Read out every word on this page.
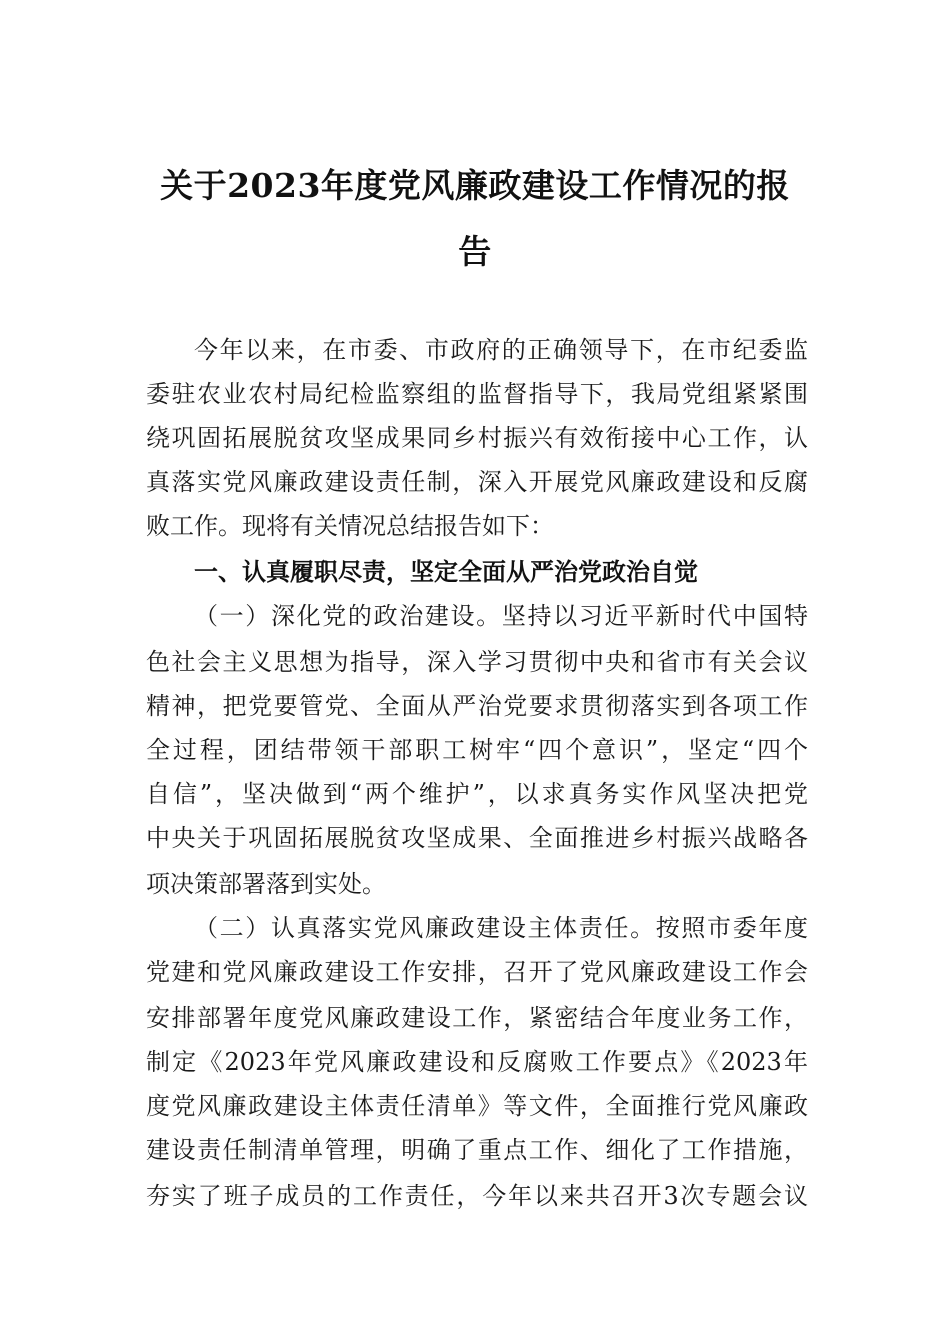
关于2023年度党风廉政建设工作情况的报
告
今年以来，在市委、市政府的正确领导下，在市纪委监
委驻农业农村局纪检监察组的监督指导下，我局党组紧紧围
绕巩固拓展脱贫攻坚成果同乡村振兴有效衔接中心工作，认
真落实党风廉政建设责任制，深入开展党风廉政建设和反腐
败工作。现将有关情况总结报告如下：
一、认真履职尽责，坚定全面从严治党政治自觉
（一）深化党的政治建设。坚持以习近平新时代中国特
色社会主义思想为指导，深入学习贯彻中央和省市有关会议
精神，把党要管党、全面从严治党要求贯彻落实到各项工作
全过程，团结带领干部职工树牢“四个意识”，坚定“四个
自信”，坚决做到“两个维护”，以求真务实作风坚决把党
中央关于巩固拓展脱贫攻坚成果、全面推进乡村振兴战略各
项决策部署落到实处。
（二）认真落实党风廉政建设主体责任。按照市委年度
党建和党风廉政建设工作安排，召开了党风廉政建设工作会
安排部署年度党风廉政建设工作，紧密结合年度业务工作，
制定《2023年党风廉政建设和反腐败工作要点》《2023年
度党风廉政建设主体责任清单》等文件，全面推行党风廉政
建设责任制清单管理，明确了重点工作、细化了工作措施，
夯实了班子成员的工作责任，今年以来共召开3次专题会议
